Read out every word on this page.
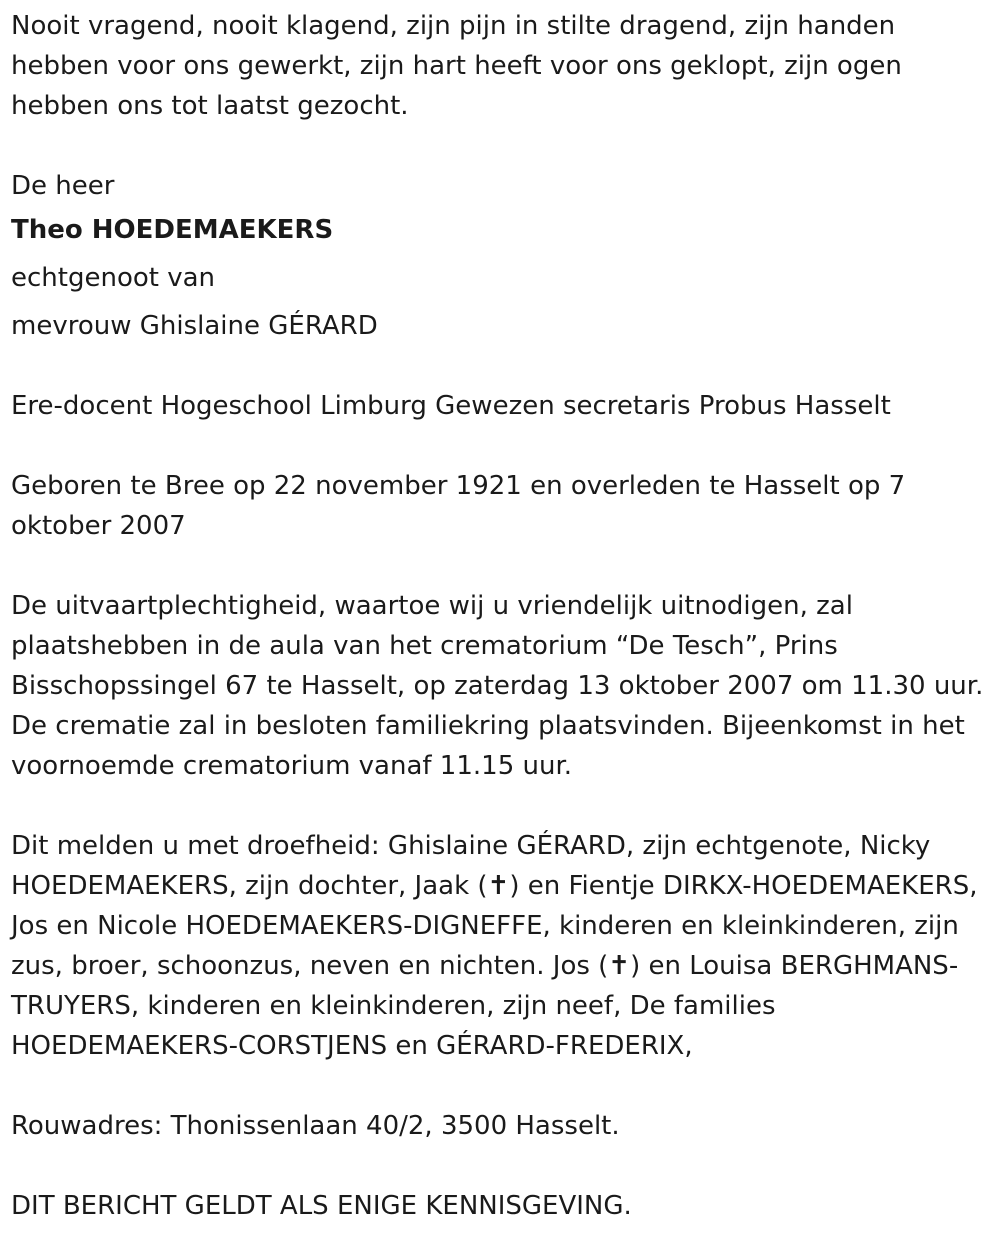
Nooit vragend, nooit klagend, zijn pijn in stilte dragend, zijn handen
hebben voor ons gewerkt, zijn hart heeft voor ons geklopt, zijn ogen
hebben ons tot laatst gezocht.

De heer
Theo HOEDEMAEKERS
echtgenoot van
mevrouw Ghislaine GÉRARD

Ere-docent Hogeschool Limburg Gewezen secretaris Probus Hasselt

Geboren te Bree op 22 november 1921 en overleden te Hasselt op 7
oktober 2007

De uitvaartplechtigheid, waartoe wij u vriendelijk uitnodigen, zal
plaatshebben in de aula van het crematorium “De Tesch”, Prins
Bisschopssingel 67 te Hasselt, op zaterdag 13 oktober 2007 om 11.30 uur.
De crematie zal in besloten familiekring plaatsvinden. Bijeenkomst in het
voornoemde crematorium vanaf 11.15 uur.

Dit melden u met droefheid: Ghislaine GÉRARD, zijn echtgenote, Nicky
HOEDEMAEKERS, zijn dochter, Jaak (✝) en Fientje DIRKX-HOEDEMAEKERS,
Jos en Nicole HOEDEMAEKERS-DIGNEFFE, kinderen en kleinkinderen, zijn
zus, broer, schoonzus, neven en nichten. Jos (✝) en Louisa BERGHMANS-
TRUYERS, kinderen en kleinkinderen, zijn neef, De families
HOEDEMAEKERS-CORSTJENS en GÉRARD-FREDERIX,

Rouwadres: Thonissenlaan 40/2, 3500 Hasselt.

DIT BERICHT GELDT ALS ENIGE KENNISGEVING.
